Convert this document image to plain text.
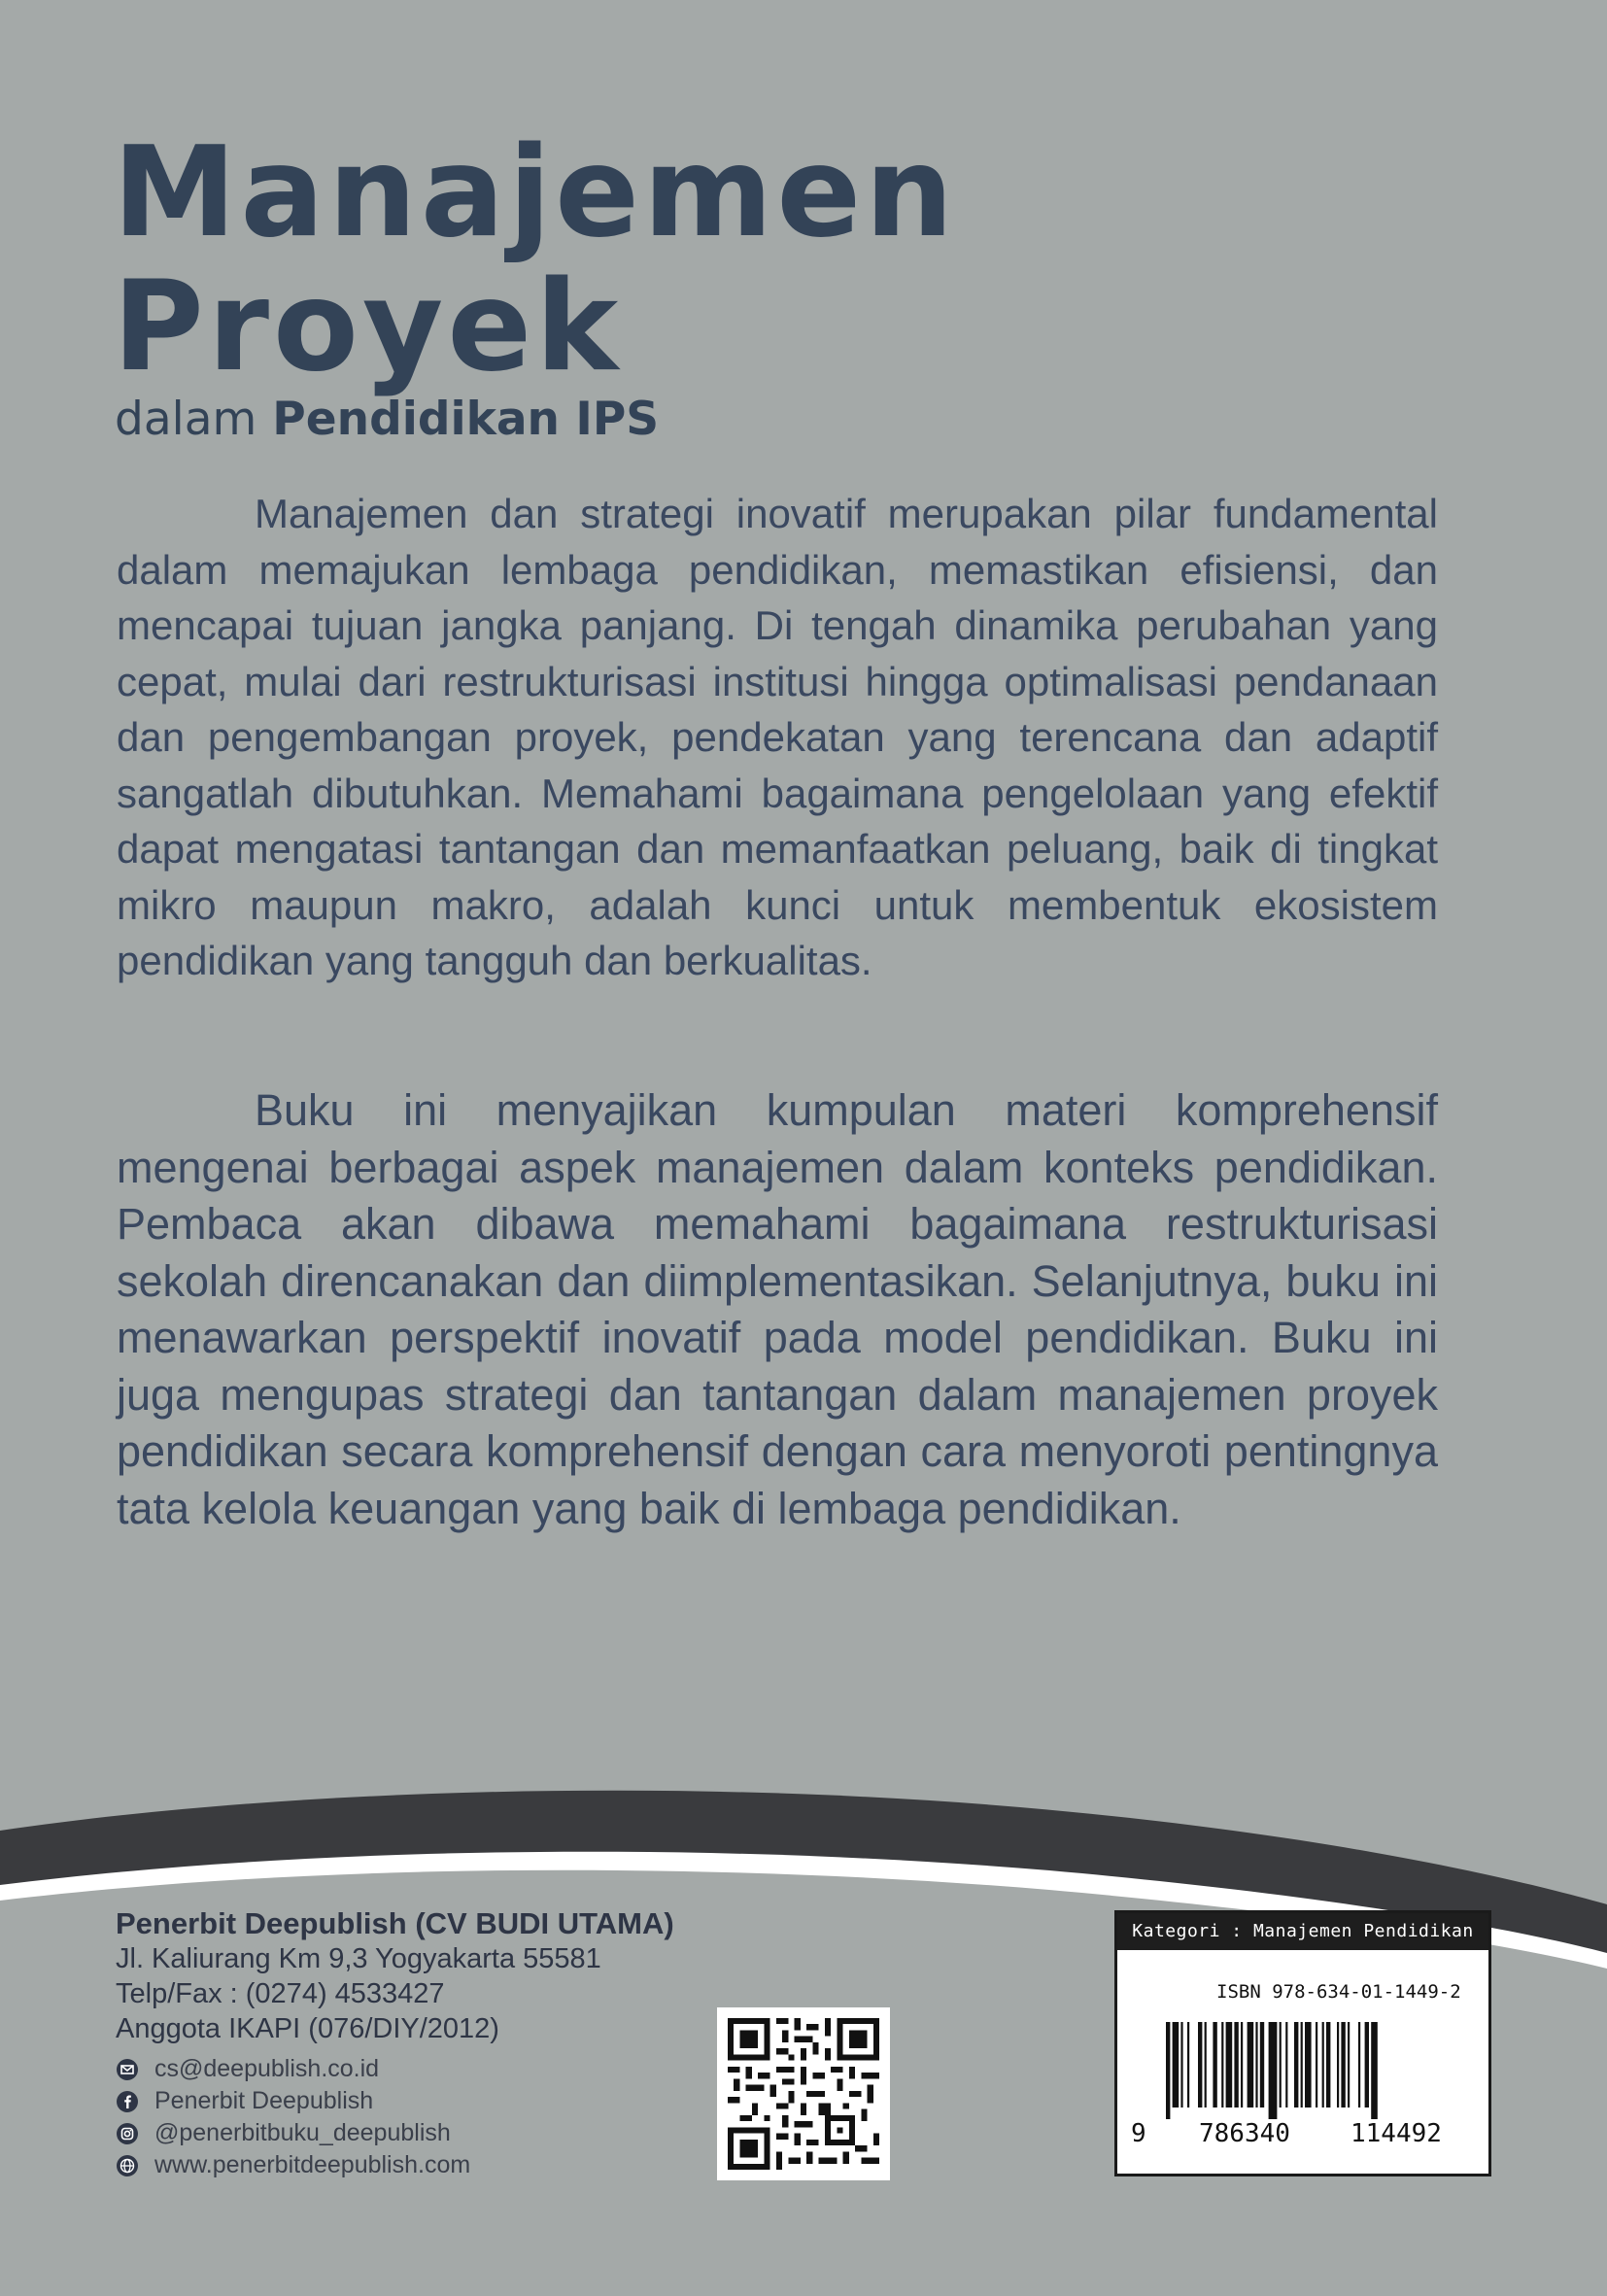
Manajemen
Proyek
dalam Pendidikan IPS

Manajemen dan strategi inovatif merupakan pilar fundamental dalam memajukan lembaga pendidikan, memastikan efisiensi, dan mencapai tujuan jangka panjang. Di tengah dinamika perubahan yang cepat, mulai dari restrukturisasi institusi hingga optimalisasi pendanaan dan pengembangan proyek, pendekatan yang terencana dan adaptif sangatlah dibutuhkan. Memahami bagaimana pengelolaan yang efektif dapat mengatasi tantangan dan memanfaatkan peluang, baik di tingkat mikro maupun makro, adalah kunci untuk membentuk ekosistem pendidikan yang tangguh dan berkualitas.

Buku ini menyajikan kumpulan materi komprehensif mengenai berbagai aspek manajemen dalam konteks pendidikan. Pembaca akan dibawa memahami bagaimana restrukturisasi sekolah direncanakan dan diimplementasikan. Selanjutnya, buku ini menawarkan perspektif inovatif pada model pendidikan. Buku ini juga mengupas strategi dan tantangan dalam manajemen proyek pendidikan secara komprehensif dengan cara menyoroti pentingnya tata kelola keuangan yang baik di lembaga pendidikan.

Penerbit Deepublish (CV BUDI UTAMA)
Jl. Kaliurang Km 9,3 Yogyakarta 55581
Telp/Fax : (0274) 4533427
Anggota IKAPI (076/DIY/2012)
cs@deepublish.co.id
Penerbit Deepublish
@penerbitbuku_deepublish
www.penerbitdeepublish.com
Kategori : Manajemen Pendidikan
ISBN 978-634-01-1449-2
9 786340 114492
